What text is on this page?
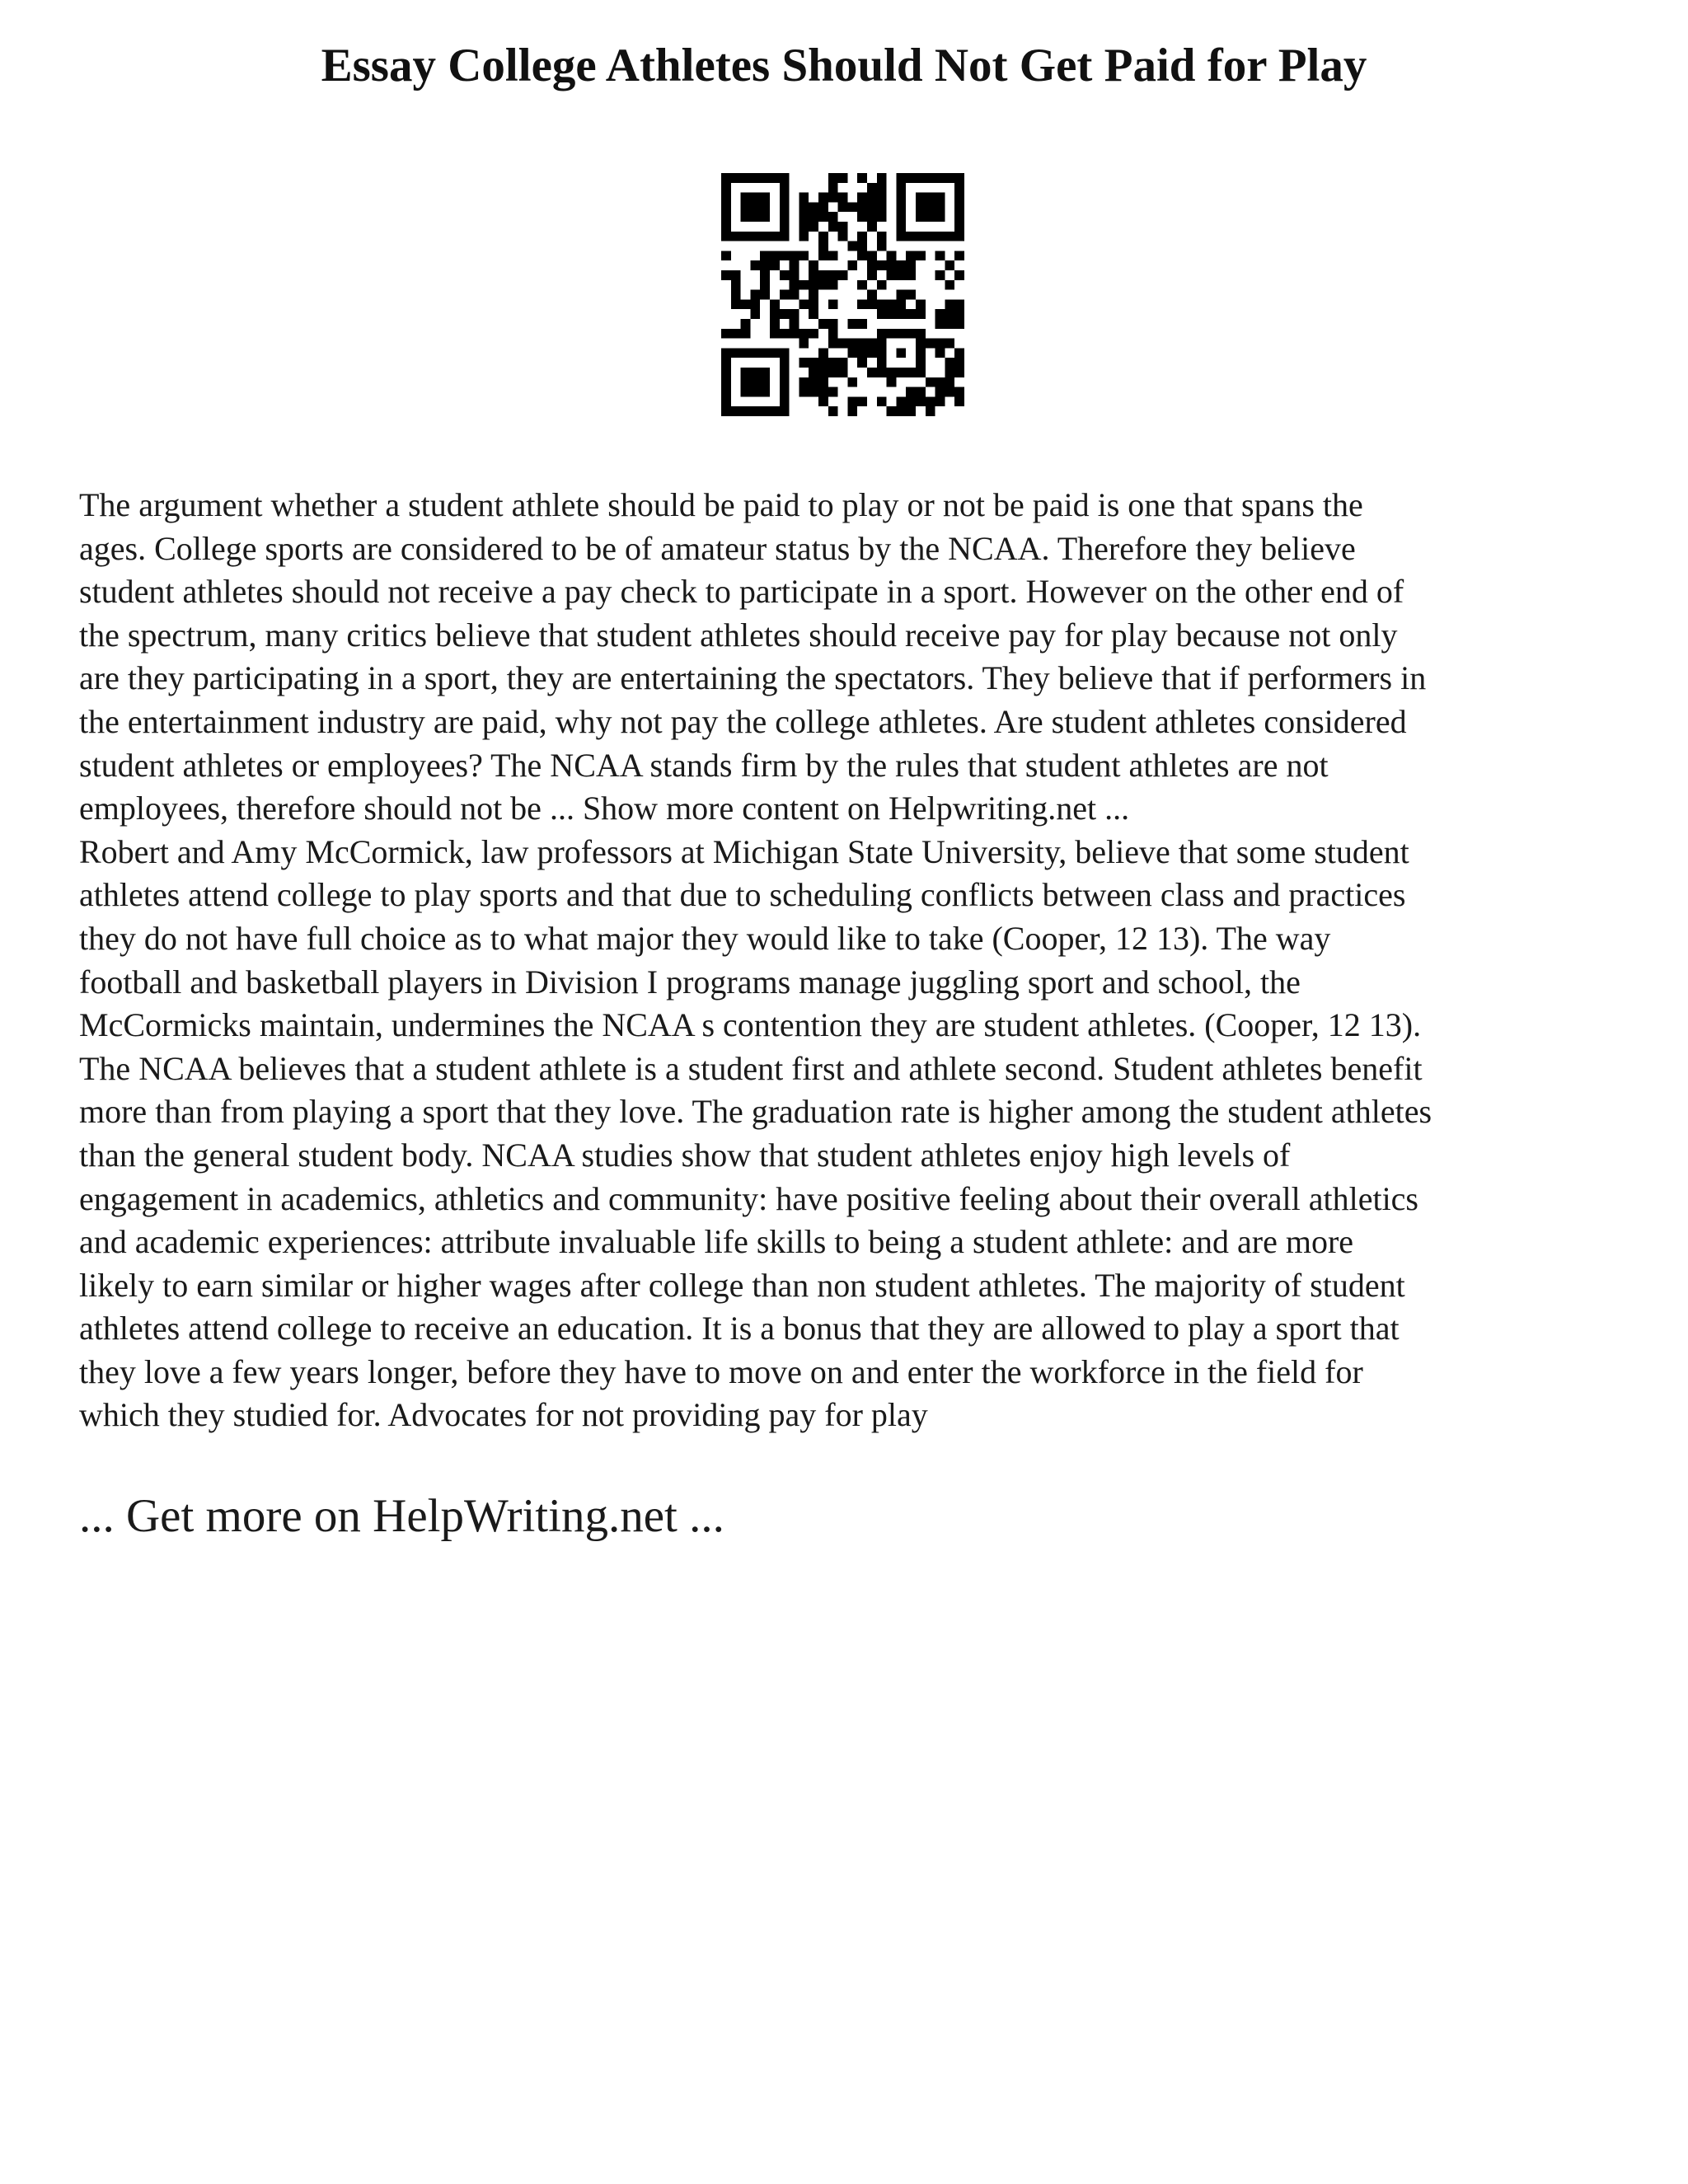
Essay College Athletes Should Not Get Paid for Play

The argument whether a student athlete should be paid to play or not be paid is one that spans the
ages. College sports are considered to be of amateur status by the NCAA. Therefore they believe
student athletes should not receive a pay check to participate in a sport. However on the other end of
the spectrum, many critics believe that student athletes should receive pay for play because not only
are they participating in a sport, they are entertaining the spectators. They believe that if performers in
the entertainment industry are paid, why not pay the college athletes. Are student athletes considered
student athletes or employees? The NCAA stands firm by the rules that student athletes are not
employees, therefore should not be ... Show more content on Helpwriting.net ...
Robert and Amy McCormick, law professors at Michigan State University, believe that some student
athletes attend college to play sports and that due to scheduling conflicts between class and practices
they do not have full choice as to what major they would like to take (Cooper, 12 13). The way
football and basketball players in Division I programs manage juggling sport and school, the
McCormicks maintain, undermines the NCAA s contention they are student athletes. (Cooper, 12 13).
The NCAA believes that a student athlete is a student first and athlete second. Student athletes benefit
more than from playing a sport that they love. The graduation rate is higher among the student athletes
than the general student body. NCAA studies show that student athletes enjoy high levels of
engagement in academics, athletics and community: have positive feeling about their overall athletics
and academic experiences: attribute invaluable life skills to being a student athlete: and are more
likely to earn similar or higher wages after college than non student athletes. The majority of student
athletes attend college to receive an education. It is a bonus that they are allowed to play a sport that
they love a few years longer, before they have to move on and enter the workforce in the field for
which they studied for. Advocates for not providing pay for play

... Get more on HelpWriting.net ...
